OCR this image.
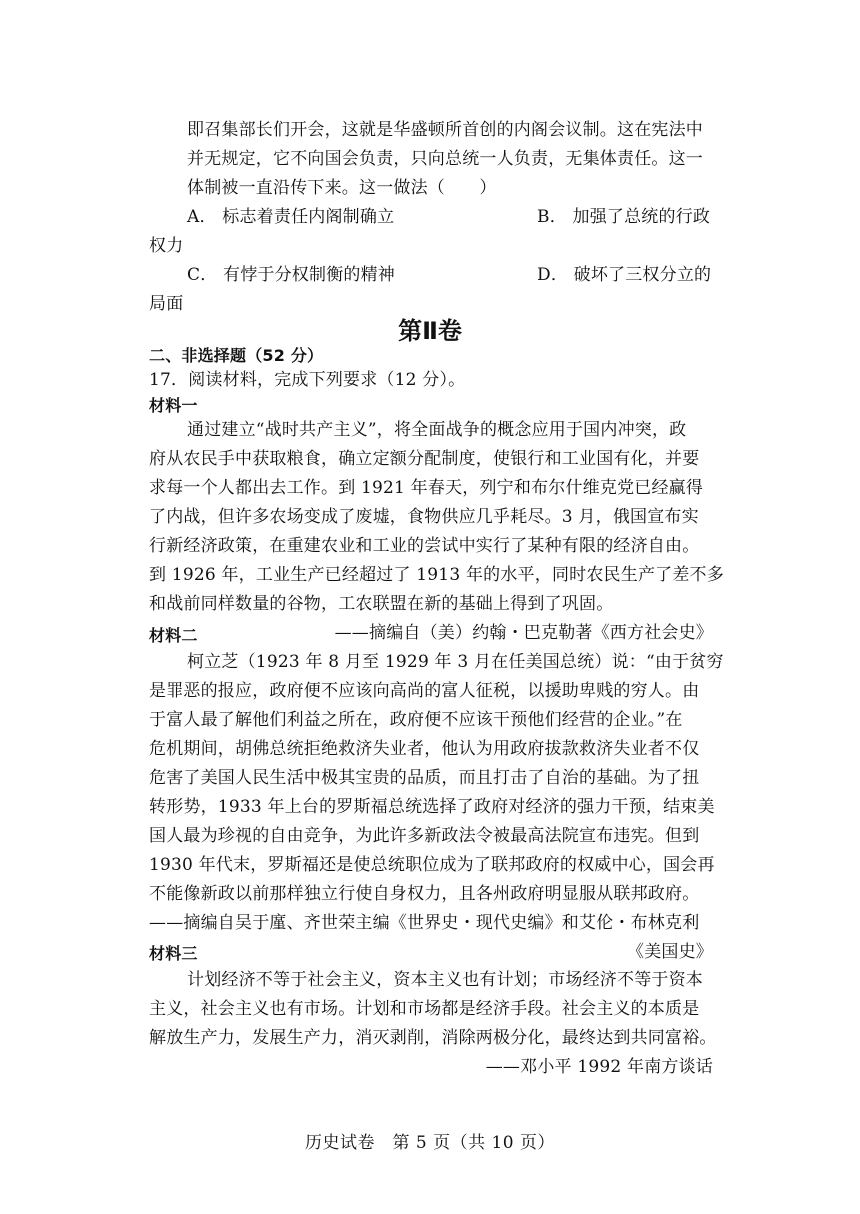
即召集部长们开会，这就是华盛顿所首创的内阁会议制。这在宪法中
并无规定，它不向国会负责，只向总统一人负责，无集体责任。这一
体制被一直沿传下来。这一做法（　　）
A． 标志着责任内阁制确立	B． 加强了总统的行政
权力
C． 有悖于分权制衡的精神	D． 破坏了三权分立的
局面
第Ⅱ卷
二、非选择题（52 分）
17．阅读材料，完成下列要求（12 分）。
材料一
通过建立“战时共产主义”，将全面战争的概念应用于国内冲突，政
府从农民手中获取粮食，确立定额分配制度，使银行和工业国有化，并要
求每一个人都出去工作。到 1921 年春天，列宁和布尔什维克党已经赢得
了内战，但许多农场变成了废墟，食物供应几乎耗尽。3 月，俄国宣布实
行新经济政策，在重建农业和工业的尝试中实行了某种有限的经济自由。
到 1926 年，工业生产已经超过了 1913 年的水平，同时农民生产了差不多
和战前同样数量的谷物，工农联盟在新的基础上得到了巩固。
——摘编自（美）约翰・巴克勒著《西方社会史》
材料二
柯立芝（1923 年 8 月至 1929 年 3 月在任美国总统）说：“由于贫穷
是罪恶的报应，政府便不应该向高尚的富人征税，以援助卑贱的穷人。由
于富人最了解他们利益之所在，政府便不应该干预他们经营的企业。”在
危机期间，胡佛总统拒绝救济失业者，他认为用政府拔款救济失业者不仅
危害了美国人民生活中极其宝贵的品质，而且打击了自治的基础。为了扭
转形势，1933 年上台的罗斯福总统选择了政府对经济的强力干预，结束美
国人最为珍视的自由竞争，为此许多新政法令被最高法院宣布违宪。但到
1930 年代末，罗斯福还是使总统职位成为了联邦政府的权威中心，国会再
不能像新政以前那样独立行使自身权力，且各州政府明显服从联邦政府。
——摘编自吴于廑、齐世荣主编《世界史・现代史编》和艾伦・布林克利
《美国史》
材料三
计划经济不等于社会主义，资本主义也有计划；市场经济不等于资本
主义，社会主义也有市场。计划和市场都是经济手段。社会主义的本质是
解放生产力，发展生产力，消灭剥削，消除两极分化，最终达到共同富裕。
——邓小平 1992 年南方谈话
历史试卷　第 5 页（共 10 页）
